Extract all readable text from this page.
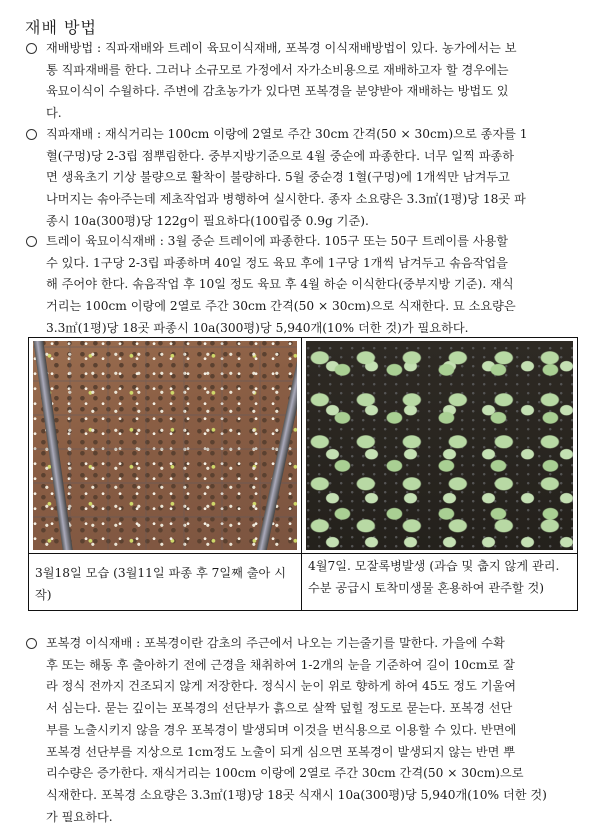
재배 방법
재배방법 : 직파재배와 트레이 육묘이식재배, 포복경 이식재배방법이 있다. 농가에서는 보
통 직파재배를 한다. 그러나 소규모로 가정에서 자가소비용으로 재배하고자 할 경우에는
육묘이식이 수월하다. 주변에 감초농가가 있다면 포복경을 분양받아 재배하는 방법도 있
다.
직파재배 : 재식거리는 100cm 이랑에 2열로 주간 30cm 간격(50 × 30cm)으로 종자를 1
혈(구멍)당 2-3립 점뿌림한다. 중부지방기준으로 4월 중순에 파종한다. 너무 일찍 파종하
면 생육초기 기상 불량으로 활착이 불량하다. 5월 중순경 1혈(구멍)에 1개씩만 남겨두고
나머지는 솎아주는데 제초작업과 병행하여 실시한다. 종자 소요량은 3.3㎡(1평)당 18곳 파
종시 10a(300평)당 122g이 필요하다(100립중 0.9g 기준).
트레이 육묘이식재배 : 3월 중순 트레이에 파종한다. 105구 또는 50구 트레이를 사용할
수 있다. 1구당 2-3립 파종하며 40일 정도 육묘 후에 1구당 1개씩 남겨두고 솎음작업을
해 주어야 한다. 솎음작업 후 10일 정도 육묘 후 4월 하순 이식한다(중부지방 기준). 재식
거리는 100cm 이랑에 2열로 주간 30cm 간격(50 × 30cm)으로 식재한다. 묘 소요량은
3.3㎡(1평)당 18곳 파종시 10a(300평)당 5,940개(10% 더한 것)가 필요하다.
3월18일 모습 (3월11일 파종 후 7일째 출아 시작)
4월7일. 모잘록병발생 (과습 및 춥지 않게 관리. 수분 공급시 토착미생물 혼용하여 관주할 것)
포복경 이식재배 : 포복경이란 감초의 주근에서 나오는 기는줄기를 말한다. 가을에 수확
후 또는 해동 후 출아하기 전에 근경을 채취하여 1-2개의 눈을 기준하여 길이 10cm로 잘
라 정식 전까지 건조되지 않게 저장한다. 정식시 눈이 위로 향하게 하여 45도 정도 기울여
서 심는다. 묻는 깊이는 포복경의 선단부가 흙으로 살짝 덮힐 정도로 묻는다. 포복경 선단
부를 노출시키지 않을 경우 포복경이 발생되며 이것을 번식용으로 이용할 수 있다. 반면에
포복경 선단부를 지상으로 1cm정도 노출이 되게 심으면 포복경이 발생되지 않는 반면 뿌
리수량은 증가한다. 재식거리는 100cm 이랑에 2열로 주간 30cm 간격(50 × 30cm)으로
식재한다. 포복경 소요량은 3.3㎡(1평)당 18곳 식재시 10a(300평)당 5,940개(10% 더한 것)
가 필요하다.
